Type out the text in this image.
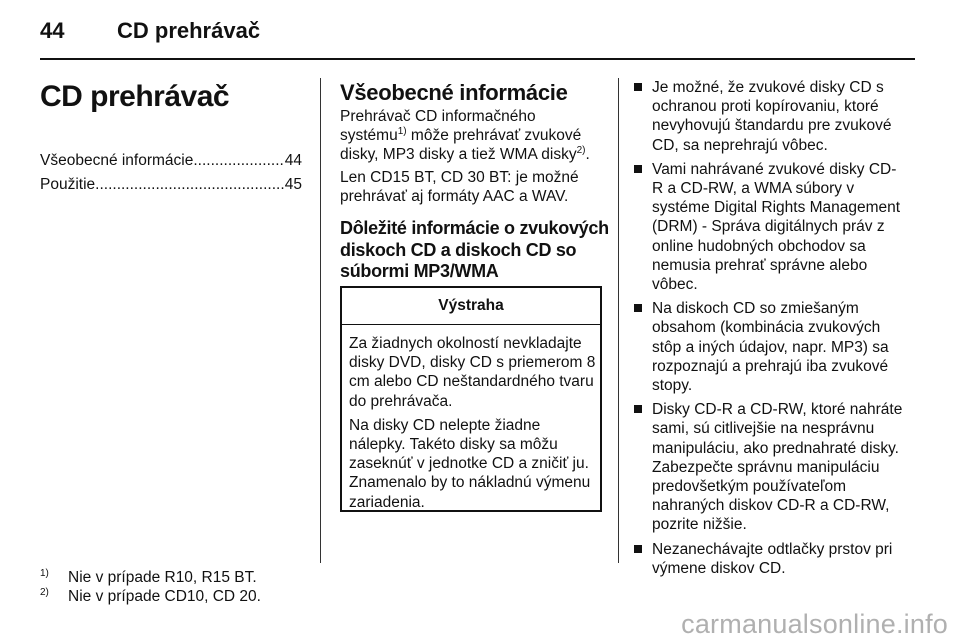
44 CD prehrávač
CD prehrávač
Všeobecné informácie .....	44
Použitie .....	45
Všeobecné informácie
Prehrávač CD informačného systému$^{1)}$ môže prehrávať zvukové disky, MP3 disky a tiež WMA disky$^{2)}$.
Len CD15 BT, CD 30 BT: je možné prehrávať aj formáty AAC a WAV.
Dôležité informácie o zvukových diskoch CD a diskoch CD so súbormi MP3/WMA
Výstraha

Za žiadnych okolností nevkladajte disky DVD, disky CD s priemerom 8 cm alebo CD neštandardného tvaru do prehrávača.

Na disky CD nelepte žiadne nálepky. Takéto disky sa môžu zaseknúť v jednotke CD a zničiť ju. Znamenalo by to nákladnú výmenu zariadenia.

Je možné, že zvukové disky CD s ochranou proti kopírovaniu, ktoré nevyhovujú štandardu pre zvukové CD, sa neprehrajú vôbec.
Vami nahrávané zvukové disky CD-R a CD-RW, a WMA súbory v systéme Digital Rights Management (DRM) - Správa digitálnych práv z online hudobných obchodov sa nemusia prehrať správne alebo vôbec.
Na diskoch CD so zmiešaným obsahom (kombinácia zvukových stôp a iných údajov, napr. MP3) sa rozpoznajú a prehrajú iba zvukové stopy.
Disky CD-R a CD-RW, ktoré nahráte sami, sú citlivejšie na nesprávnu manipuláciu, ako prednahraté disky. Zabezpečte správnu manipuláciu predovšetkým používateľom nahraných diskov CD-R a CD-RW, pozrite nižšie.
Nezanechávajte odtlačky prstov pri výmene diskov CD.
1)	Nie v prípade R10, R15 BT.
2)	Nie v prípade CD10, CD 20.
carmanualsonline.info
